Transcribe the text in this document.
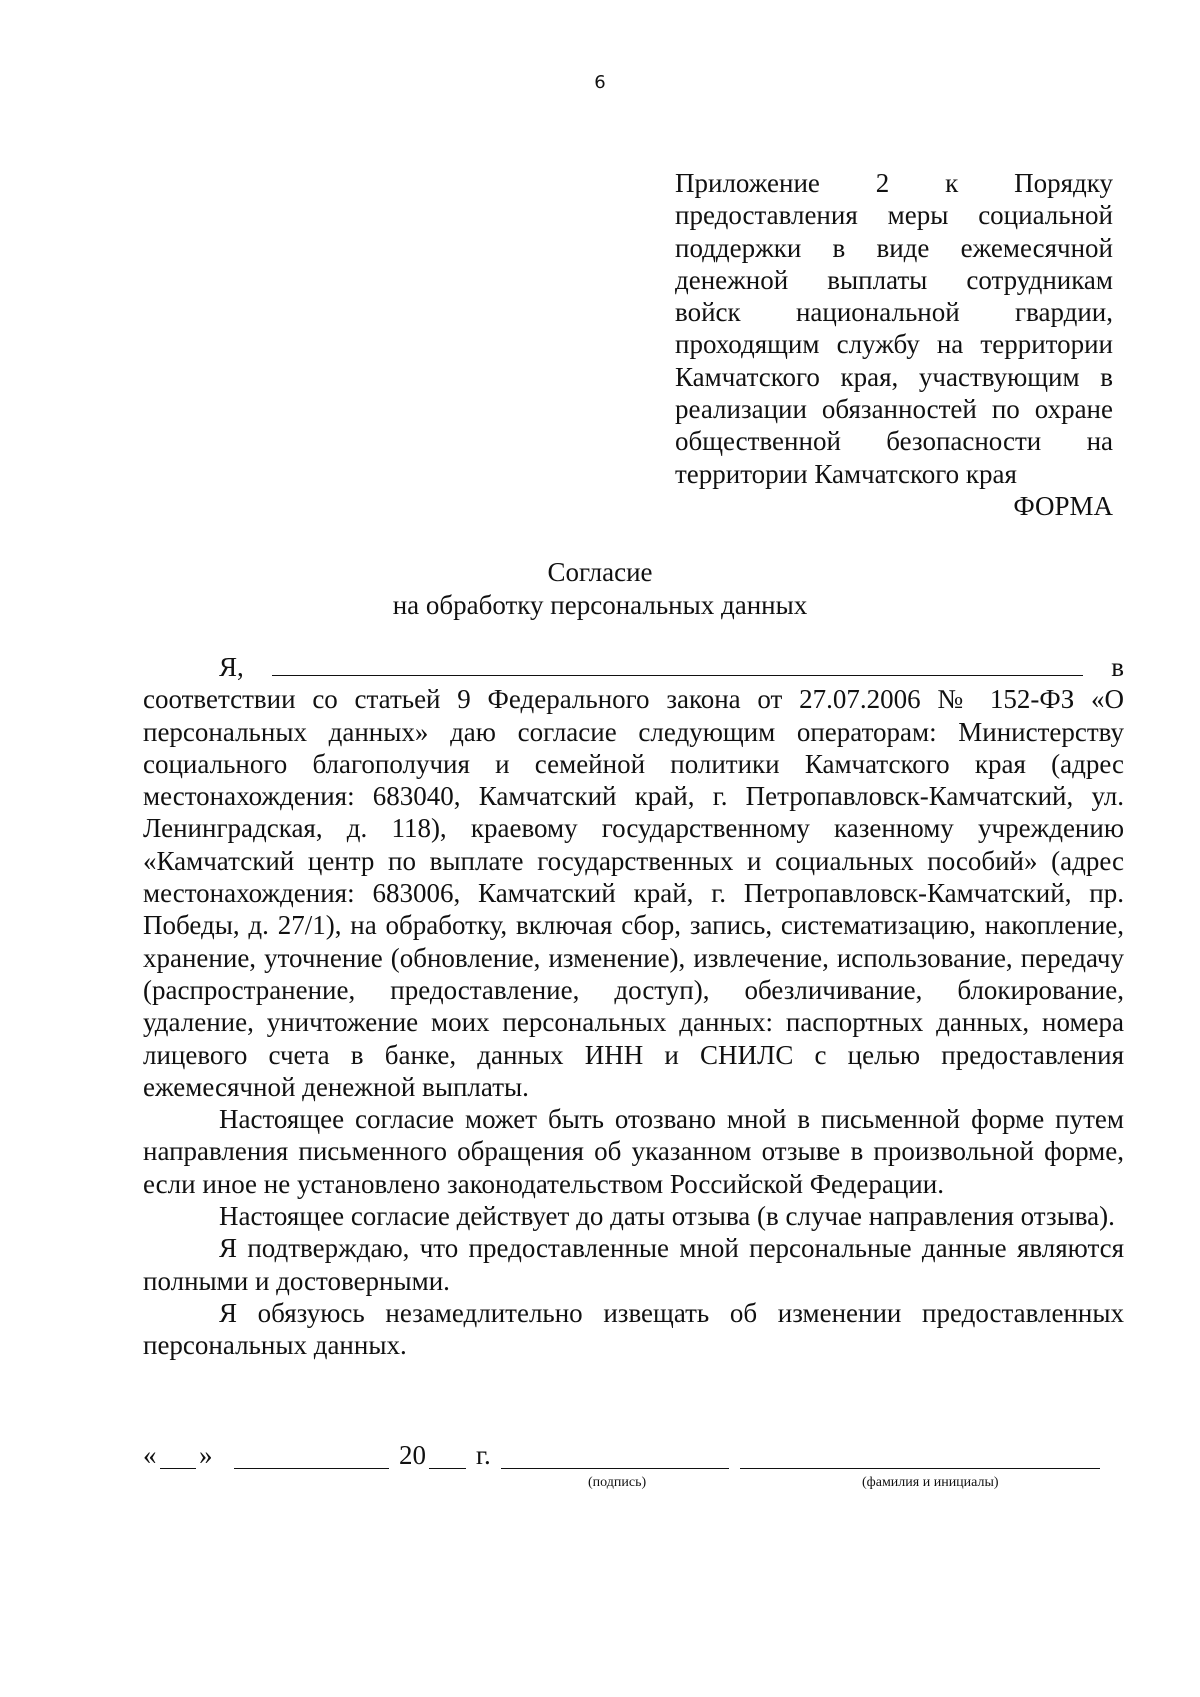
6
Приложение 2 к Порядку
предоставления меры социальной
поддержки в виде ежемесячной
денежной выплаты сотрудникам
войск национальной гвардии,
проходящим службу на территории
Камчатского края, участвующим в
реализации обязанностей по охране
общественной безопасности на
территории Камчатского края
ФОРМА
Согласие
на обработку персональных данных
Я,	в

соответствии со статьей 9 Федерального закона от 27.07.2006 № 152-ФЗ «О персональных данных» даю согласие следующим операторам: Министерству социального благополучия и семейной политики Камчатского края (адрес местонахождения: 683040, Камчатский край, г. Петропавловск-Камчатский, ул. Ленинградская, д. 118), краевому государственному казенному учреждению «Камчатский центр по выплате государственных и социальных пособий» (адрес местонахождения: 683006, Камчатский край, г. Петропавловск-Камчатский, пр. Победы, д. 27/1), на обработку, включая сбор, запись, систематизацию, накопление, хранение, уточнение (обновление, изменение), извлечение, использование, передачу (распространение, предоставление, доступ), обезличивание, блокирование, удаление, уничтожение моих персональных данных: паспортных данных, номера лицевого счета в банке, данных ИНН и СНИЛС с целью предоставления ежемесячной денежной выплаты.

Настоящее согласие может быть отозвано мной в письменной форме путем направления письменного обращения об указанном отзыве в произвольной форме, если иное не установлено законодательством Российской Федерации.

Настоящее согласие действует до даты отзыва (в случае направления отзыва).

Я подтверждаю, что предоставленные мной персональные данные являются полными и достоверными.

Я обязуюсь незамедлительно извещать об изменении предоставленных персональных данных.

« »	20 г.
(подпись)	(фамилия и инициалы)
